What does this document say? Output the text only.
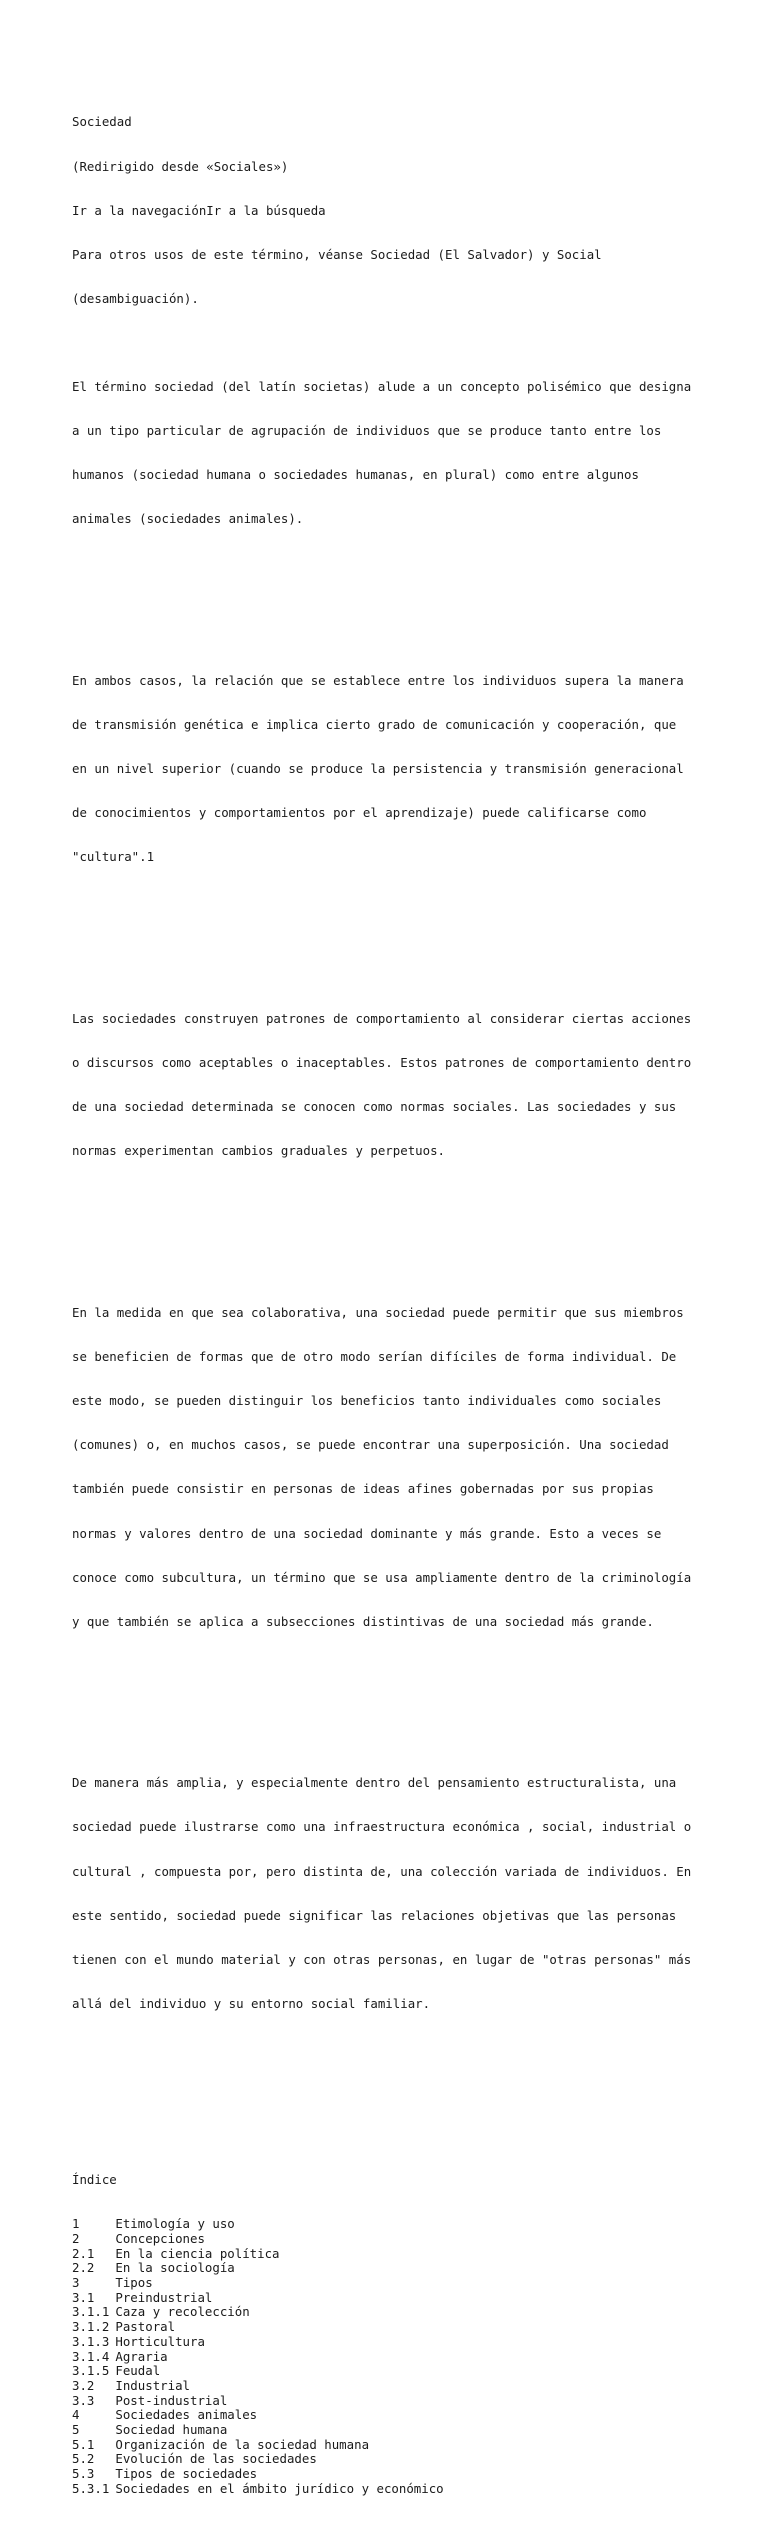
Sociedad

(Redirigido desde «Sociales»)

Ir a la navegaciónIr a la búsqueda

Para otros usos de este término, véanse Sociedad (El Salvador) y Social

(desambiguación).

El término sociedad (del latín societas) alude a un concepto polisémico que designa

a un tipo particular de agrupación de individuos que se produce tanto entre los

humanos (sociedad humana o sociedades humanas, en plural) como entre algunos

animales (sociedades animales).

En ambos casos, la relación que se establece entre los individuos supera la manera

de transmisión genética e implica cierto grado de comunicación y cooperación, que

en un nivel superior (cuando se produce la persistencia y transmisión generacional

de conocimientos y comportamientos por el aprendizaje) puede calificarse como

"cultura".1

Las sociedades construyen patrones de comportamiento al considerar ciertas acciones

o discursos como aceptables o inaceptables. Estos patrones de comportamiento dentro

de una sociedad determinada se conocen como normas sociales. Las sociedades y sus

normas experimentan cambios graduales y perpetuos.

En la medida en que sea colaborativa, una sociedad puede permitir que sus miembros

se beneficien de formas que de otro modo serían difíciles de forma individual. De

este modo, se pueden distinguir los beneficios tanto individuales como sociales

(comunes) o, en muchos casos, se puede encontrar una superposición. Una sociedad

también puede consistir en personas de ideas afines gobernadas por sus propias

normas y valores dentro de una sociedad dominante y más grande. Esto a veces se

conoce como subcultura, un término que se usa ampliamente dentro de la criminología

y que también se aplica a subsecciones distintivas de una sociedad más grande.

De manera más amplia, y especialmente dentro del pensamiento estructuralista, una

sociedad puede ilustrarse como una infraestructura económica , social, industrial o

cultural , compuesta por, pero distinta de, una colección variada de individuos. En

este sentido, sociedad puede significar las relaciones objetivas que las personas

tienen con el mundo material y con otras personas, en lugar de "otras personas" más

allá del individuo y su entorno social familiar.

Índice

1	Etimología y uso
2	Concepciones
2.1 En la ciencia política
2.2 En la sociología
3	Tipos
3.1 Preindustrial
3.1.1 Caza y recolección
3.1.2 Pastoral
3.1.3 Horticultura
3.1.4 Agraria
3.1.5 Feudal
3.2 Industrial
3.3 Post-industrial
4	Sociedades animales
5	Sociedad humana
5.1 Organización de la sociedad humana
5.2 Evolución de las sociedades
5.3 Tipos de sociedades
5.3.1 Sociedades en el ámbito jurídico y económico
